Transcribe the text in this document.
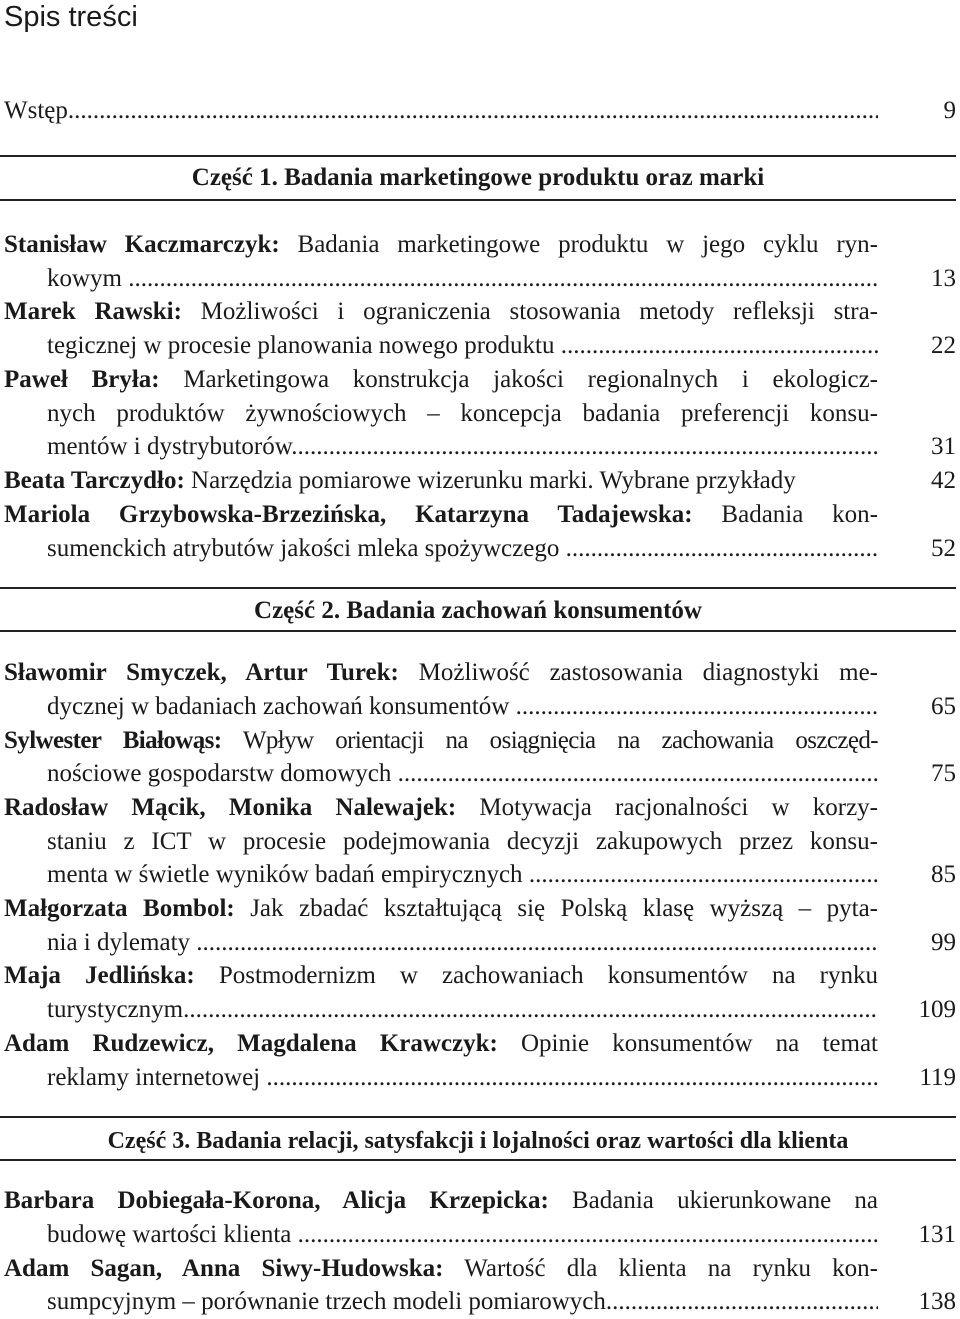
Spis treści
Wstęp .....	9
Część 1. Badania marketingowe produktu oraz marki
Stanisław Kaczmarczyk: Badania marketingowe produktu w jego cyklu ryn-
kowym .....	13
Marek Rawski: Możliwości i ograniczenia stosowania metody refleksji stra-
tegicznej w procesie planowania nowego produktu .....	22
Paweł Bryła: Marketingowa konstrukcja jakości regionalnych i ekologicz-
nych produktów żywnościowych – koncepcja badania preferencji konsu-
mentów i dystrybutorów .....	31
Beata Tarczydło: Narzędzia pomiarowe wizerunku marki. Wybrane przykłady	42
Mariola Grzybowska-Brzezińska, Katarzyna Tadajewska: Badania kon-
sumenckich atrybutów jakości mleka spożywczego .....	52
Część 2. Badania zachowań konsumentów
Sławomir Smyczek, Artur Turek: Możliwość zastosowania diagnostyki me-
dycznej w badaniach zachowań konsumentów .....	65
Sylwester Białowąs: Wpływ orientacji na osiągnięcia na zachowania oszczęd-
nościowe gospodarstw domowych .....	75
Radosław Mącik, Monika Nalewajek: Motywacja racjonalności w korzy-
staniu z ICT w procesie podejmowania decyzji zakupowych przez konsu-
menta w świetle wyników badań empirycznych .....	85
Małgorzata Bombol: Jak zbadać kształtującą się Polską klasę wyższą – pyta-
nia i dylematy .....	99
Maja Jedlińska: Postmodernizm w zachowaniach konsumentów na rynku
turystycznym .....	109
Adam Rudzewicz, Magdalena Krawczyk: Opinie konsumentów na temat
reklamy internetowej .....	119
Część 3. Badania relacji, satysfakcji i lojalności oraz wartości dla klienta
Barbara Dobiegała-Korona, Alicja Krzepicka: Badania ukierunkowane na
budowę wartości klienta .....	131
Adam Sagan, Anna Siwy-Hudowska: Wartość dla klienta na rynku kon-
sumpcyjnym – porównanie trzech modeli pomiarowych .....	138
